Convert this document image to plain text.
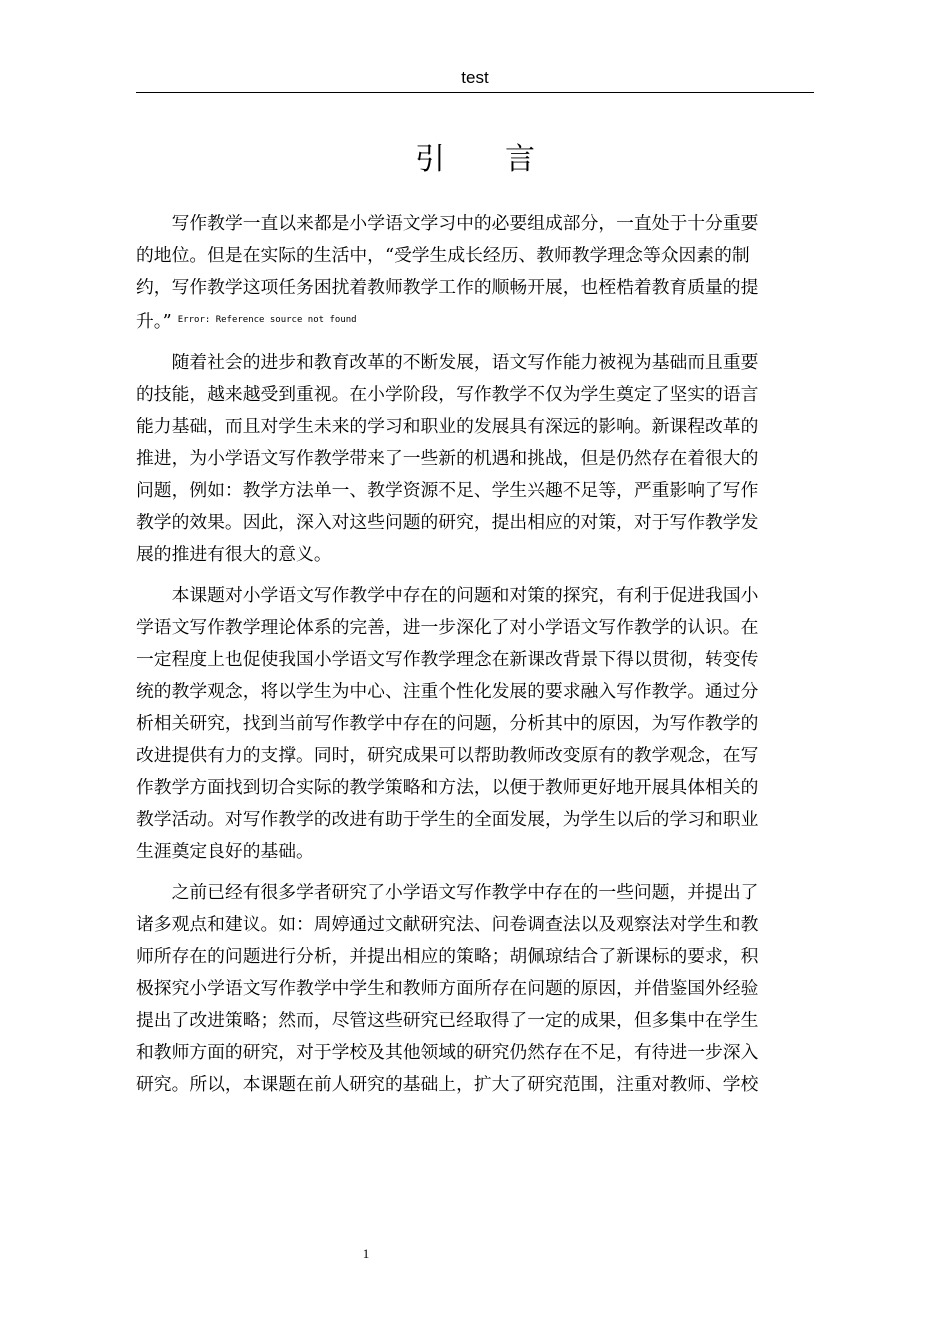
test
引 言
写作教学一直以来都是小学语文学习中的必要组成部分，一直处于十分重要
的地位。但是在实际的生活中，“受学生成长经历、教师教学理念等众因素的制
约，写作教学这项任务困扰着教师教学工作的顺畅开展，也桎梏着教育质量的提
升。” $^{Error: Reference source not found}$
随着社会的进步和教育改革的不断发展，语文写作能力被视为基础而且重要
的技能，越来越受到重视。在小学阶段，写作教学不仅为学生奠定了坚实的语言
能力基础，而且对学生未来的学习和职业的发展具有深远的影响。新课程改革的
推进，为小学语文写作教学带来了一些新的机遇和挑战，但是仍然存在着很大的
问题，例如：教学方法单一、教学资源不足、学生兴趣不足等，严重影响了写作
教学的效果。因此，深入对这些问题的研究，提出相应的对策，对于写作教学发
展的推进有很大的意义。
本课题对小学语文写作教学中存在的问题和对策的探究，有利于促进我国小
学语文写作教学理论体系的完善，进一步深化了对小学语文写作教学的认识。在
一定程度上也促使我国小学语文写作教学理念在新课改背景下得以贯彻，转变传
统的教学观念，将以学生为中心、注重个性化发展的要求融入写作教学。通过分
析相关研究，找到当前写作教学中存在的问题，分析其中的原因，为写作教学的
改进提供有力的支撑。同时，研究成果可以帮助教师改变原有的教学观念，在写
作教学方面找到切合实际的教学策略和方法，以便于教师更好地开展具体相关的
教学活动。对写作教学的改进有助于学生的全面发展，为学生以后的学习和职业
生涯奠定良好的基础。
之前已经有很多学者研究了小学语文写作教学中存在的一些问题，并提出了
诸多观点和建议。如：周婷通过文献研究法、问卷调查法以及观察法对学生和教
师所存在的问题进行分析，并提出相应的策略；胡佩琼结合了新课标的要求，积
极探究小学语文写作教学中学生和教师方面所存在问题的原因，并借鉴国外经验
提出了改进策略；然而，尽管这些研究已经取得了一定的成果，但多集中在学生
和教师方面的研究，对于学校及其他领域的研究仍然存在不足，有待进一步深入
研究。所以，本课题在前人研究的基础上，扩大了研究范围，注重对教师、学校
1
